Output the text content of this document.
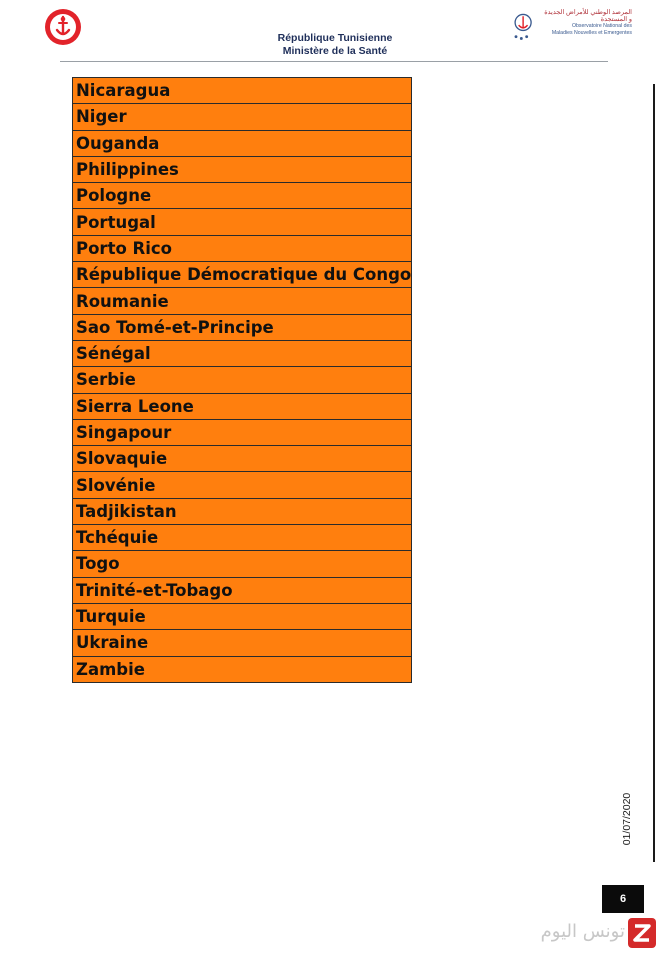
République Tunisienne
Ministère de la Santé
المرصد الوطني للأمراض الجديدة و المستجدة
Observatoire National des
Maladies Nouvelles et Emergentes
Nicaragua
Niger
Ouganda
Philippines
Pologne
Portugal
Porto Rico
République Démocratique du Congo
Roumanie
Sao Tomé-et-Principe
Sénégal
Serbie
Sierra Leone
Singapour
Slovaquie
Slovénie
Tadjikistan
Tchéquie
Togo
Trinité-et-Tobago
Turquie
Ukraine
Zambie
01/07/2020
6
تونس اليوم
